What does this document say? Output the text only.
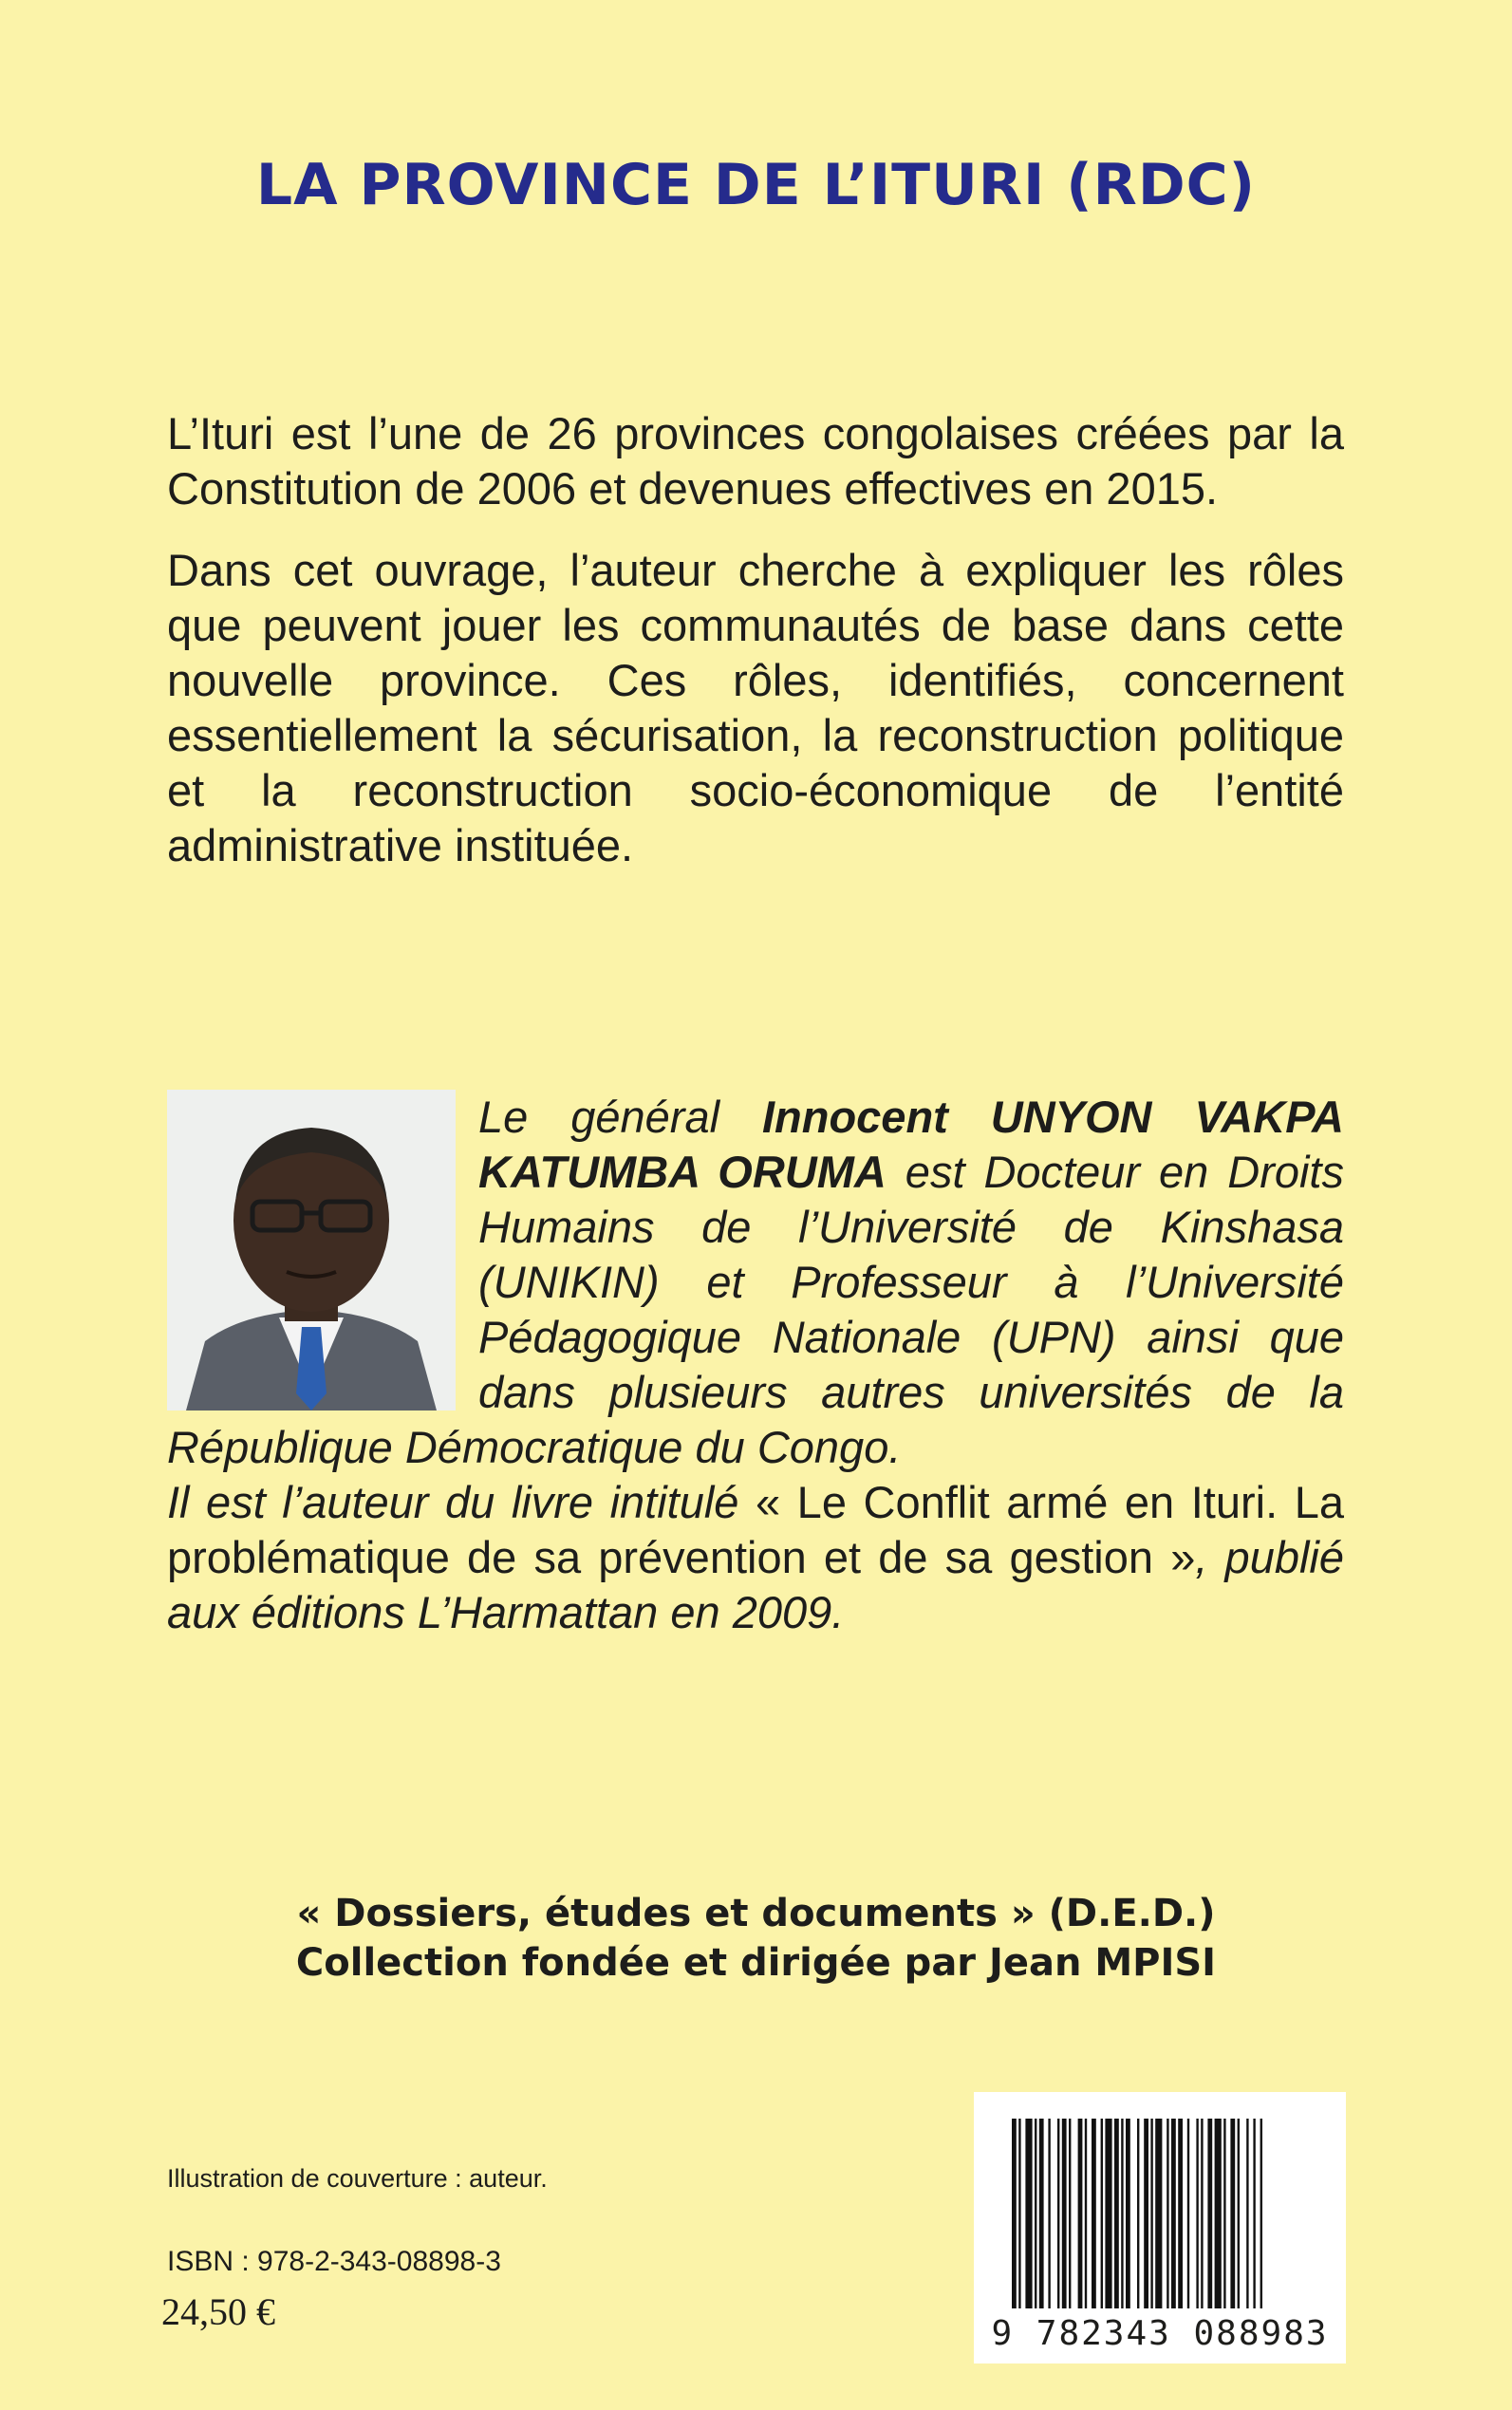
LA PROVINCE DE L’ITURI (RDC)

L’Ituri est l’une de 26 provinces congolaises créées par la Constitution de 2006 et devenues effectives en 2015.

Dans cet ouvrage, l’auteur cherche à expliquer les rôles que peuvent jouer les communautés de base dans cette nouvelle province. Ces rôles, identifiés, concernent essentiellement la sécurisation, la reconstruction politique et la reconstruction socio-économique de l’entité administrative instituée.

Le général Innocent UNYON VAKPA KATUMBA ORUMA est Docteur en Droits Humains de l’Université de Kinshasa (UNIKIN) et Professeur à l’Université Pédagogique Nationale (UPN) ainsi que dans plusieurs autres universités de la République Démocratique du Congo.

Il est l’auteur du livre intitulé « Le Conflit armé en Ituri. La problématique de sa prévention et de sa gestion », publié aux éditions L’Harmattan en 2009.

« Dossiers, études et documents » (D.E.D.)
Collection fondée et dirigée par Jean MPISI
Illustration de couverture : auteur.
ISBN : 978-2-343-08898-3
24,50 €
9 782343 088983
